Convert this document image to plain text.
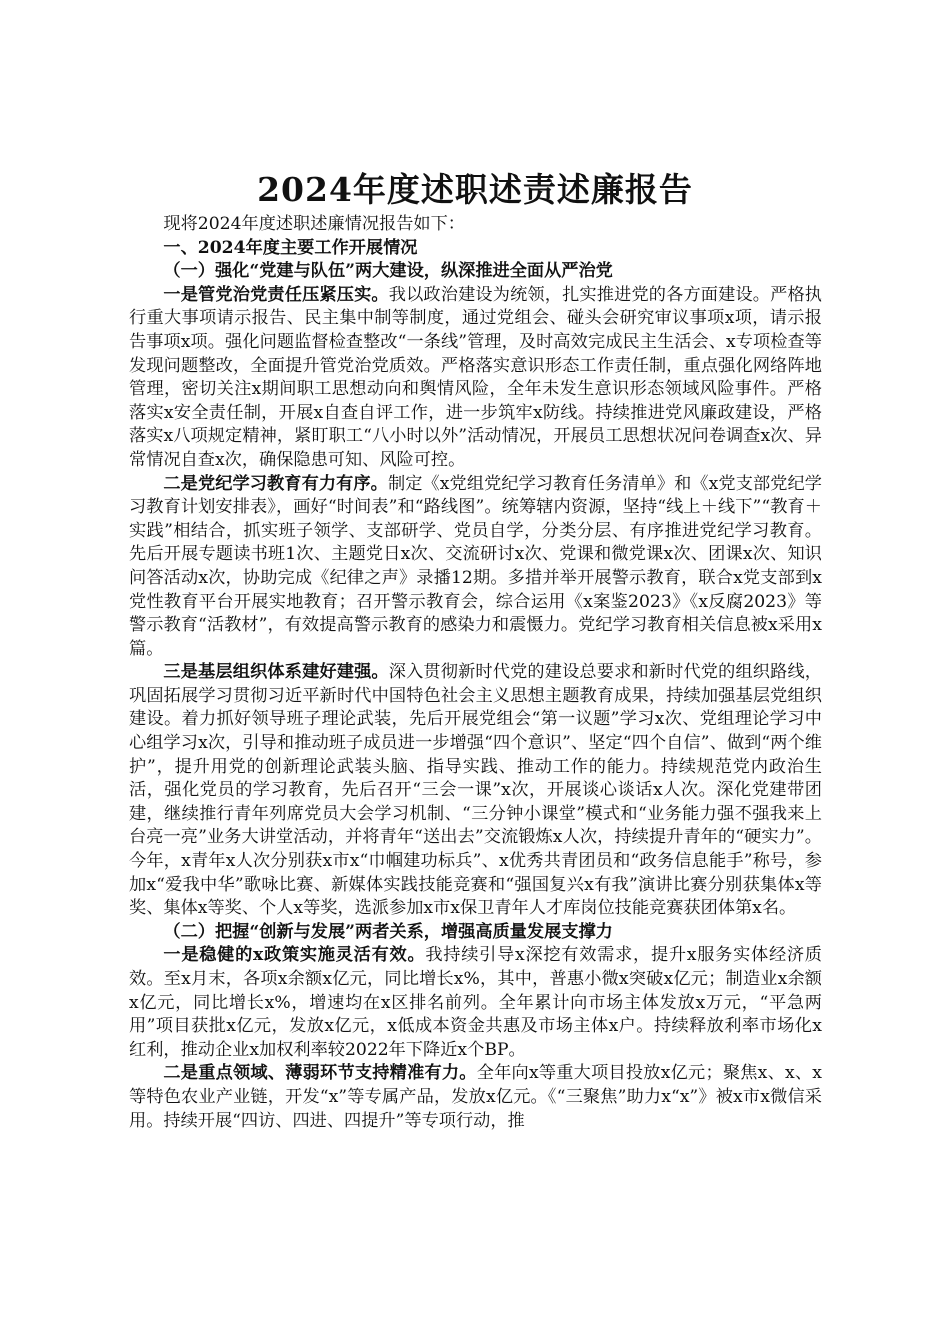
2024年度述职述责述廉报告

现将2024年度述职述廉情况报告如下：

一、2024年度主要工作开展情况

（一）强化“党建与队伍”两大建设，纵深推进全面从严治党

一是管党治党责任压紧压实。我以政治建设为统领，扎实推进党的各方面建设。严格执行重大事项请示报告、民主集中制等制度，通过党组会、碰头会研究审议事项x项，请示报告事项x项。强化问题监督检查整改“一条线”管理，及时高效完成民主生活会、x专项检查等发现问题整改，全面提升管党治党质效。严格落实意识形态工作责任制，重点强化网络阵地管理，密切关注x期间职工思想动向和舆情风险，全年未发生意识形态领域风险事件。严格落实x安全责任制，开展x自查自评工作，进一步筑牢x防线。持续推进党风廉政建设，严格落实x八项规定精神，紧盯职工“八小时以外”活动情况，开展员工思想状况问卷调查x次、异常情况自查x次，确保隐患可知、风险可控。

二是党纪学习教育有力有序。制定《x党组党纪学习教育任务清单》和《x党支部党纪学习教育计划安排表》，画好“时间表”和“路线图”。统筹辖内资源，坚持“线上＋线下”“教育＋实践”相结合，抓实班子领学、支部研学、党员自学，分类分层、有序推进党纪学习教育。先后开展专题读书班1次、主题党日x次、交流研讨x次、党课和微党课x次、团课x次、知识问答活动x次，协助完成《纪律之声》录播12期。多措并举开展警示教育，联合x党支部到x党性教育平台开展实地教育；召开警示教育会，综合运用《x案鉴2023》《x反腐2023》等警示教育“活教材”，有效提高警示教育的感染力和震慑力。党纪学习教育相关信息被x采用x篇。

三是基层组织体系建好建强。深入贯彻新时代党的建设总要求和新时代党的组织路线，巩固拓展学习贯彻习近平新时代中国特色社会主义思想主题教育成果，持续加强基层党组织建设。着力抓好领导班子理论武装，先后开展党组会“第一议题”学习x次、党组理论学习中心组学习x次，引导和推动班子成员进一步增强“四个意识”、坚定“四个自信”、做到“两个维护”，提升用党的创新理论武装头脑、指导实践、推动工作的能力。持续规范党内政治生活，强化党员的学习教育，先后召开“三会一课”x次，开展谈心谈话x人次。深化党建带团建，继续推行青年列席党员大会学习机制、“三分钟小课堂”模式和“业务能力强不强我来上台亮一亮”业务大讲堂活动，并将青年“送出去”交流锻炼x人次，持续提升青年的“硬实力”。今年，x青年x人次分别获x市x“巾帼建功标兵”、x优秀共青团员和“政务信息能手”称号，参加x“爱我中华”歌咏比赛、新媒体实践技能竞赛和“强国复兴x有我”演讲比赛分别获集体x等奖、集体x等奖、个人x等奖，选派参加x市x保卫青年人才库岗位技能竞赛获团体第x名。

（二）把握“创新与发展”两者关系，增强高质量发展支撑力

一是稳健的x政策实施灵活有效。我持续引导x深挖有效需求，提升x服务实体经济质效。至x月末，各项x余额x亿元，同比增长x%，其中，普惠小微x突破x亿元；制造业x余额x亿元，同比增长x%，增速均在x区排名前列。全年累计向市场主体发放x万元，“平急两用”项目获批x亿元，发放x亿元，x低成本资金共惠及市场主体x户。持续释放利率市场化x红利，推动企业x加权利率较2022年下降近x个BP。

二是重点领域、薄弱环节支持精准有力。全年向x等重大项目投放x亿元；聚焦x、x、x等特色农业产业链，开发“x”等专属产品，发放x亿元。《“三聚焦”助力x“x”》被x市x微信采用。持续开展“四访、四进、四提升”等专项行动，推
